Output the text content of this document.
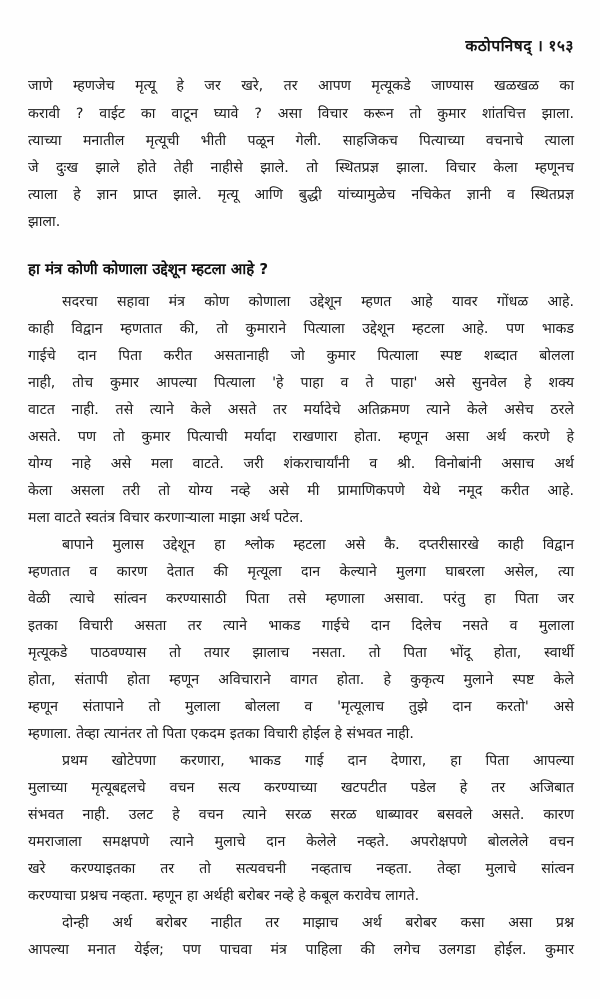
कठोपनिषद् । १५३
जाणे म्हणजेच मृत्यू हे जर खरे, तर आपण मृत्यूकडे जाण्यास खळखळ का
करावी ? वाईट का वाटून घ्यावे ? असा विचार करून तो कुमार शांतचित्त झाला.
त्याच्या मनातील मृत्यूची भीती पळून गेली. साहजिकच पित्याच्या वचनाचे त्याला
जे दुःख झाले होते तेही नाहीसे झाले. तो स्थितप्रज्ञ झाला. विचार केला म्हणूनच
त्याला हे ज्ञान प्राप्त झाले. मृत्यू आणि बुद्धी यांच्यामुळेच नचिकेत ज्ञानी व स्थितप्रज्ञ
झाला.
हा मंत्र कोणी कोणाला उद्देशून म्हटला आहे ?
सदरचा सहावा मंत्र कोण कोणाला उद्देशून म्हणत आहे यावर गोंधळ आहे.
काही विद्वान म्हणतात की, तो कुमाराने पित्याला उद्देशून म्हटला आहे. पण भाकड
गाईचे दान पिता करीत असतानाही जो कुमार पित्याला स्पष्ट शब्दात बोलला
नाही, तोच कुमार आपल्या पित्याला 'हे पाहा व ते पाहा' असे सुनवेल हे शक्य
वाटत नाही. तसे त्याने केले असते तर मर्यादेचे अतिक्रमण त्याने केले असेच ठरले
असते. पण तो कुमार पित्याची मर्यादा राखणारा होता. म्हणून असा अर्थ करणे हे
योग्य नाहे असे मला वाटते. जरी शंकराचार्यांनी व श्री. विनोबांनी असाच अर्थ
केला असला तरी तो योग्य नव्हे असे मी प्रामाणिकपणे येथे नमूद करीत आहे.
मला वाटते स्वतंत्र विचार करणाऱ्याला माझा अर्थ पटेल.
बापाने मुलास उद्देशून हा श्लोक म्हटला असे कै. दप्तरीसारखे काही विद्वान
म्हणतात व कारण देतात की मृत्यूला दान केल्याने मुलगा घाबरला असेल, त्या
वेळी त्याचे सांत्वन करण्यासाठी पिता तसे म्हणाला असावा. परंतु हा पिता जर
इतका विचारी असता तर त्याने भाकड गाईचे दान दिलेच नसते व मुलाला
मृत्यूकडे पाठवण्यास तो तयार झालाच नसता. तो पिता भोंदू होता, स्वार्थी
होता, संतापी होता म्हणून अविचाराने वागत होता. हे कुकृत्य मुलाने स्पष्ट केले
म्हणून संतापाने तो मुलाला बोलला व 'मृत्यूलाच तुझे दान करतो' असे
म्हणाला. तेव्हा त्यानंतर तो पिता एकदम इतका विचारी होईल हे संभवत नाही.
प्रथम खोटेपणा करणारा, भाकड गाई दान देणारा, हा पिता आपल्या
मुलाच्या मृत्यूबद्दलचे वचन सत्य करण्याच्या खटपटीत पडेल हे तर अजिबात
संभवत नाही. उलट हे वचन त्याने सरळ सरळ धाब्यावर बसवले असते. कारण
यमराजाला समक्षपणे त्याने मुलाचे दान केलेले नव्हते. अपरोक्षपणे बोललेले वचन
खरे करण्याइतका तर तो सत्यवचनी नव्हताच नव्हता. तेव्हा मुलाचे सांत्वन
करण्याचा प्रश्नच नव्हता. म्हणून हा अर्थही बरोबर नव्हे हे कबूल करावेच लागते.
दोन्ही अर्थ बरोबर नाहीत तर माझाच अर्थ बरोबर कसा असा प्रश्न
आपल्या मनात येईल; पण पाचवा मंत्र पाहिला की लगेच उलगडा होईल. कुमार
